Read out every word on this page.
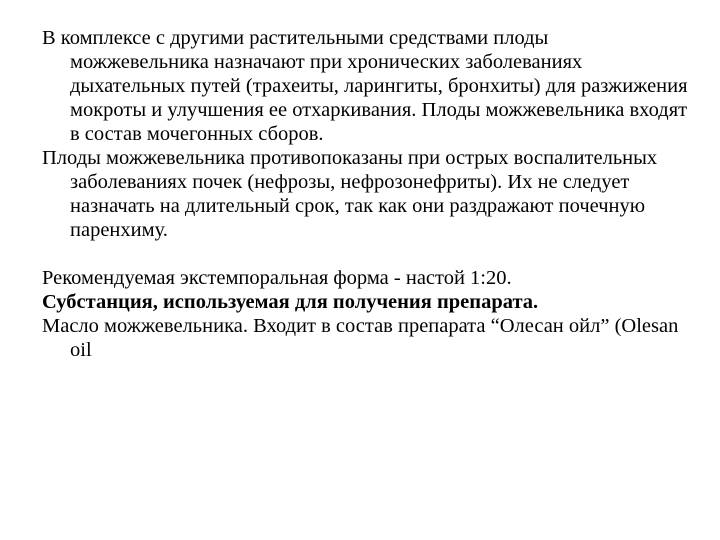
В комплексе с другими растительными средствами плоды можжевельника назначают при хронических заболеваниях дыхательных путей (трахеиты, ларингиты, бронхиты) для разжижения мокроты и улучшения ее отхаркивания. Плоды можжевельника входят в состав мочегонных сборов.

Плоды можжевельника противопоказаны при острых воспалительных заболеваниях почек (нефрозы, нефрозонефриты). Их не следует назначать на длительный срок, так как они раздражают почечную паренхиму.

Рекомендуемая экстемпоральная форма - настой 1:20.

Субстанция, используемая для получения препарата.

Масло можжевельника. Входит в состав препарата “Олесан ойл” (Olesan oil
